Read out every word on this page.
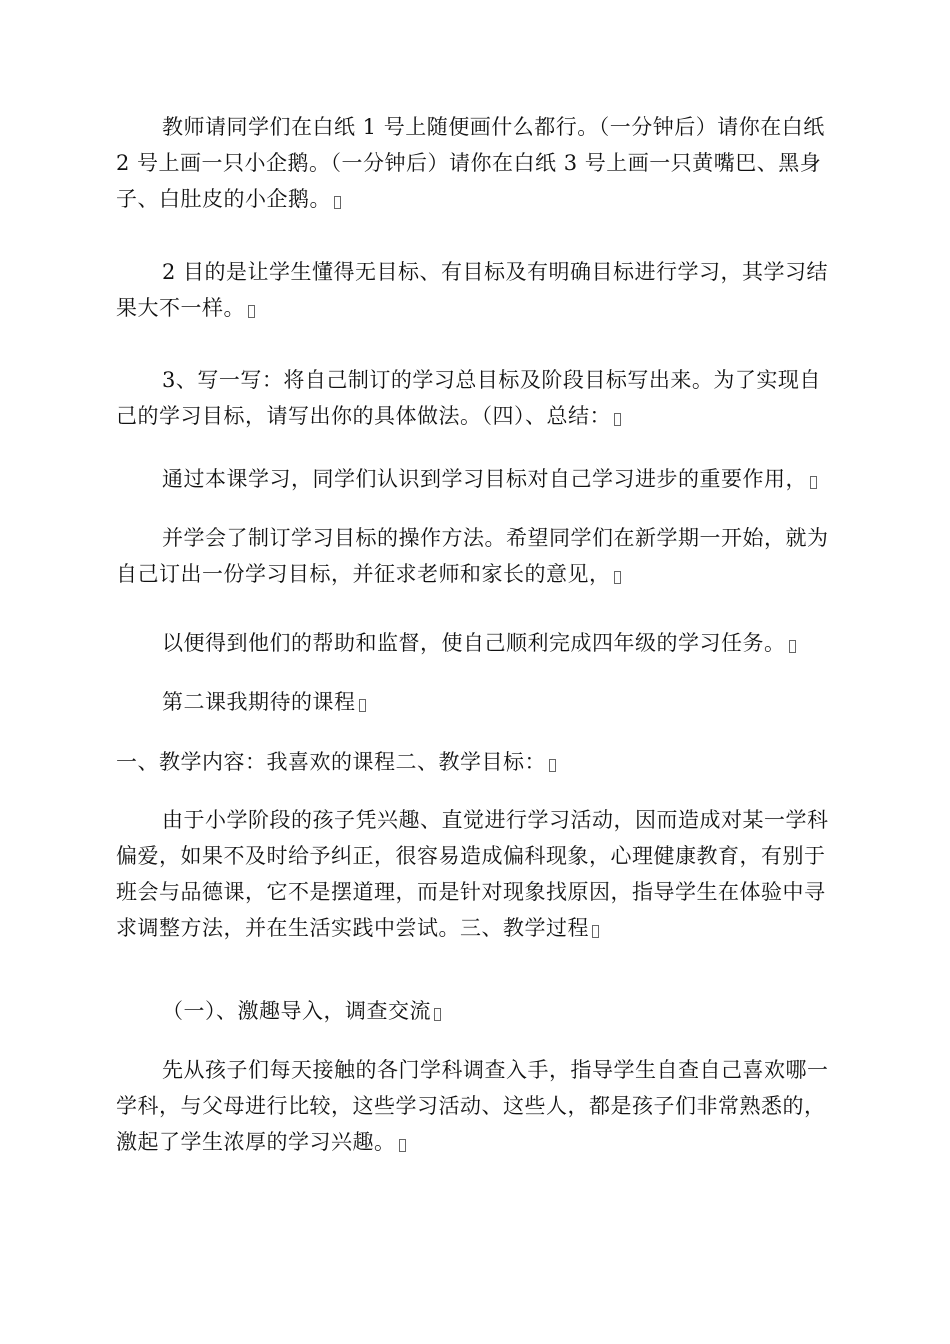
教师请同学们在白纸 1 号上随便画什么都行。（一分钟后）请你在白纸 2 号上画一只小企鹅。（一分钟后）请你在白纸 3 号上画一只黄嘴巴、黑身子、白肚皮的小企鹅。

2 目的是让学生懂得无目标、有目标及有明确目标进行学习，其学习结果大不一样。

3、写一写：将自己制订的学习总目标及阶段目标写出来。为了实现自己的学习目标，请写出你的具体做法。（四）、总结：

通过本课学习，同学们认识到学习目标对自己学习进步的重要作用，

并学会了制订学习目标的操作方法。希望同学们在新学期一开始，就为自己订出一份学习目标，并征求老师和家长的意见，

以便得到他们的帮助和监督，使自己顺利完成四年级的学习任务。

第二课我期待的课程

一、教学内容：我喜欢的课程二、教学目标：

由于小学阶段的孩子凭兴趣、直觉进行学习活动，因而造成对某一学科偏爱，如果不及时给予纠正，很容易造成偏科现象，心理健康教育，有别于班会与品德课，它不是摆道理，而是针对现象找原因，指导学生在体验中寻求调整方法，并在生活实践中尝试。三、教学过程

（一）、激趣导入，调查交流

先从孩子们每天接触的各门学科调查入手，指导学生自查自己喜欢哪一学科，与父母进行比较，这些学习活动、这些人，都是孩子们非常熟悉的，激起了学生浓厚的学习兴趣。
